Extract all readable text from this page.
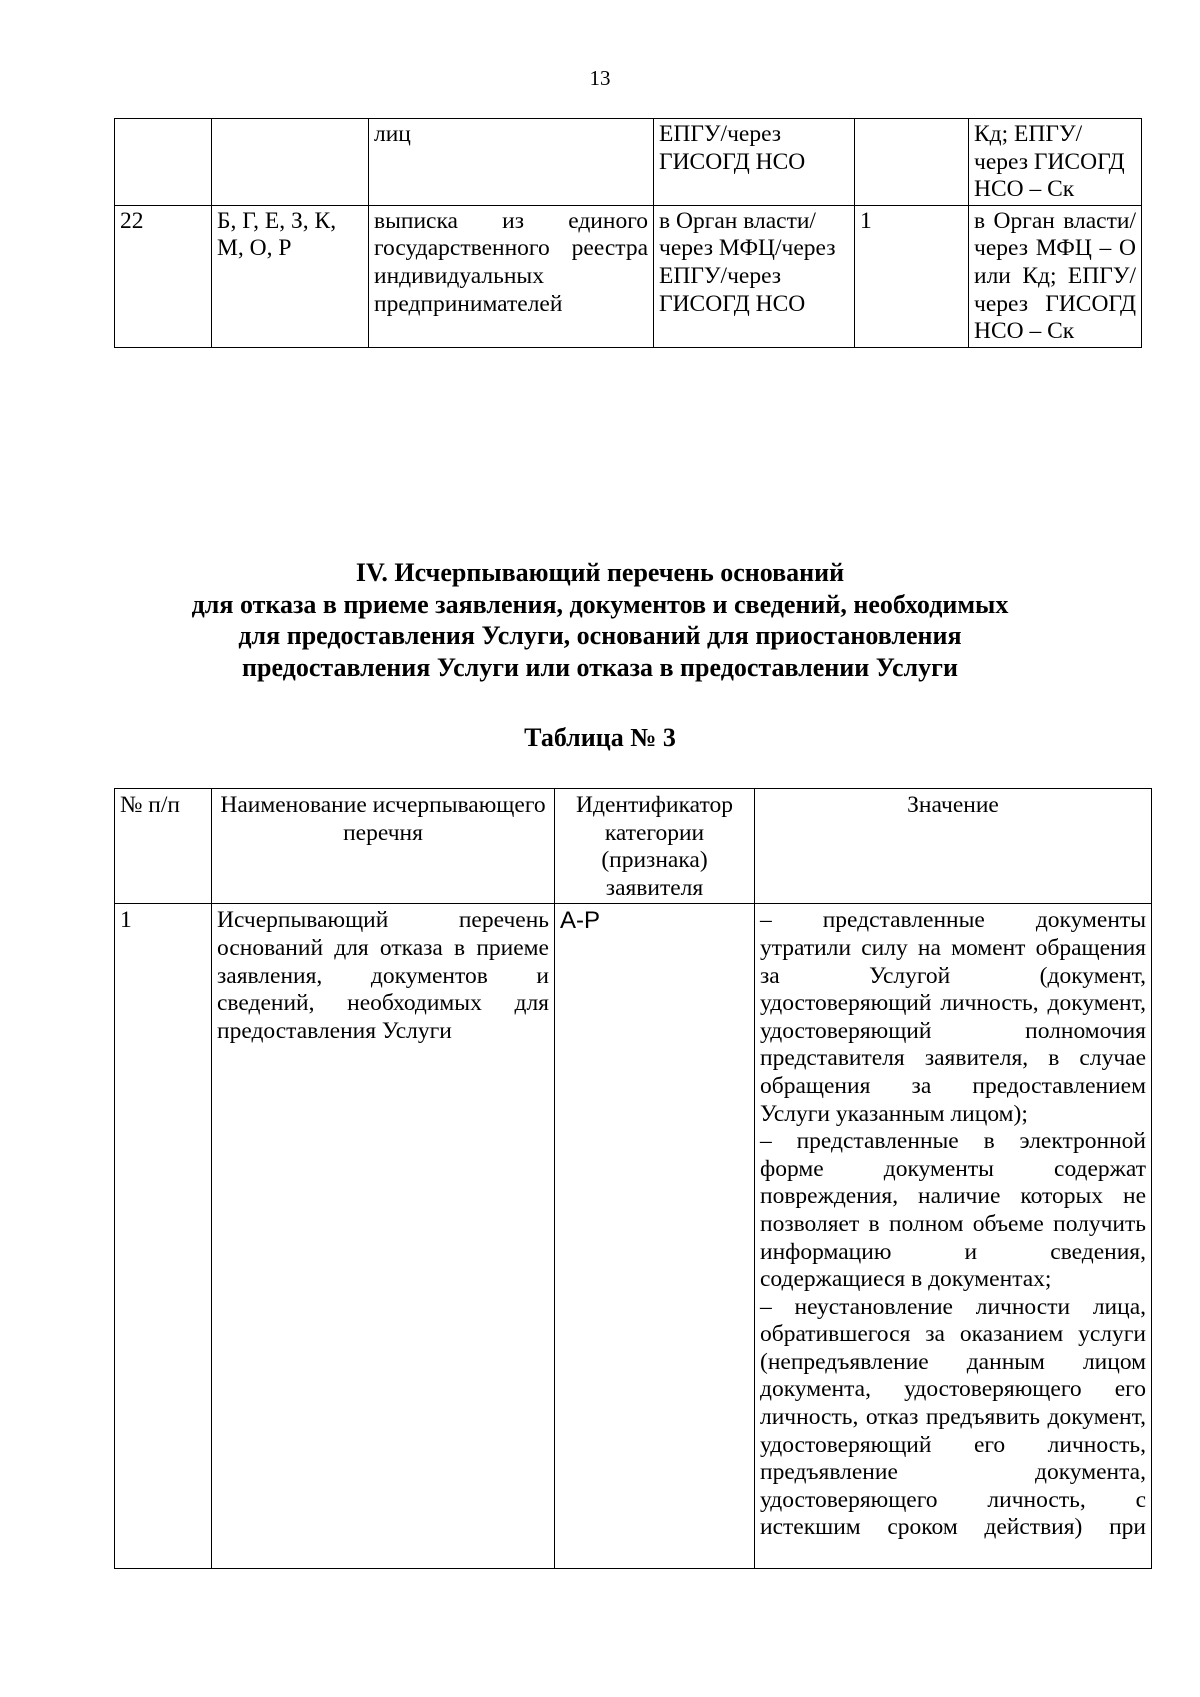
13
		лиц	ЕПГУ/через ГИСОГД НСО		Кд; ЕПГУ/через ГИСОГД НСО – Ск
22	Б, Г, Е, З, К, М, О, Р	выписка из единого государственного реестра индивидуальных предпринимателей	в Орган власти/через МФЦ/через ЕПГУ/через ГИСОГД НСО	1	в Орган власти/через МФЦ – О или Кд; ЕПГУ/через ГИСОГД НСО – Ск
IV. Исчерпывающий перечень оснований
для отказа в приеме заявления, документов и сведений, необходимых
для предоставления Услуги, оснований для приостановления
предоставления Услуги или отказа в предоставлении Услуги
Таблица № 3
№ п/п	Наименование исчерпывающего перечня	Идентификатор категории (признака) заявителя	Значение
1	Исчерпывающий перечень оснований для отказа в приеме заявления, документов и сведений, необходимых для предоставления Услуги	А-Р	– представленные документы утратили силу на момент обращения за Услугой (документ, удостоверяющий личность, документ, удостоверяющий полномочия представителя заявителя, в случае обращения за предоставлением Услуги указанным лицом);

– представленные в электронной форме документы содержат повреждения, наличие которых не позволяет в полном объеме получить информацию и сведения, содержащиеся в документах;

– неустановление личности лица, обратившегося за оказанием услуги (непредъявление данным лицом документа, удостоверяющего его личность, отказ предъявить документ, удостоверяющий его личность, предъявление документа, удостоверяющего личность, с истекшим сроком действия) при
